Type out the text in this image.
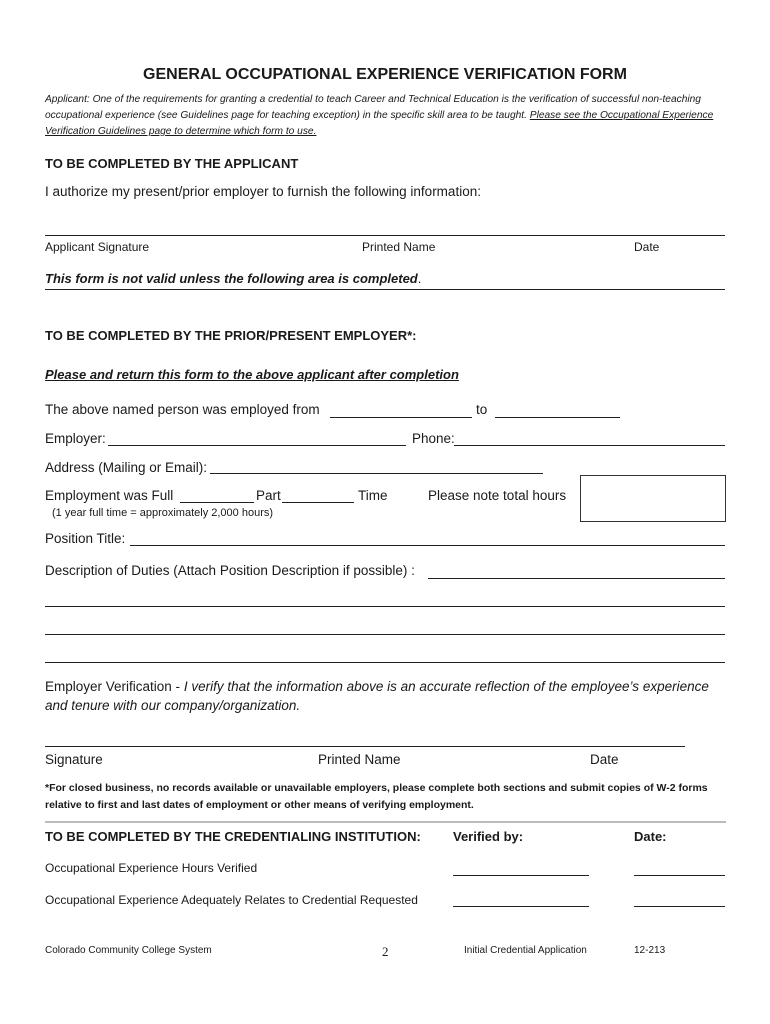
GENERAL OCCUPATIONAL EXPERIENCE VERIFICATION FORM
Applicant: One of the requirements for granting a credential to teach Career and Technical Education is the verification of successful non-teaching occupational experience (see Guidelines page for teaching exception) in the specific skill area to be taught. Please see the Occupational Experience Verification Guidelines page to determine which form to use.
TO BE COMPLETED BY THE APPLICANT
I authorize my present/prior employer to furnish the following information:
Applicant Signature	Printed Name	Date
This form is not valid unless the following area is completed.
TO BE COMPLETED BY THE PRIOR/PRESENT EMPLOYER*:
Please and return this form to the above applicant after completion
The above named person was employed from	to
Employer:	Phone:
Address (Mailing or Email):
Employment was Full	Part	Time	Please note total hours
(1 year full time = approximately 2,000 hours)
Position Title:
Description of Duties (Attach Position Description if possible) :
Employer Verification - I verify that the information above is an accurate reflection of the employee’s experience and tenure with our company/organization.
Signature	Printed Name	Date
*For closed business, no records available or unavailable employers, please complete both sections and submit copies of W-2 forms relative to first and last dates of employment or other means of verifying employment.
TO BE COMPLETED BY THE CREDENTIALING INSTITUTION: Verified by:	Date:
Occupational Experience Hours Verified
Occupational Experience Adequately Relates to Credential Requested
Colorado Community College System	2	Initial Credential Application	12-213
